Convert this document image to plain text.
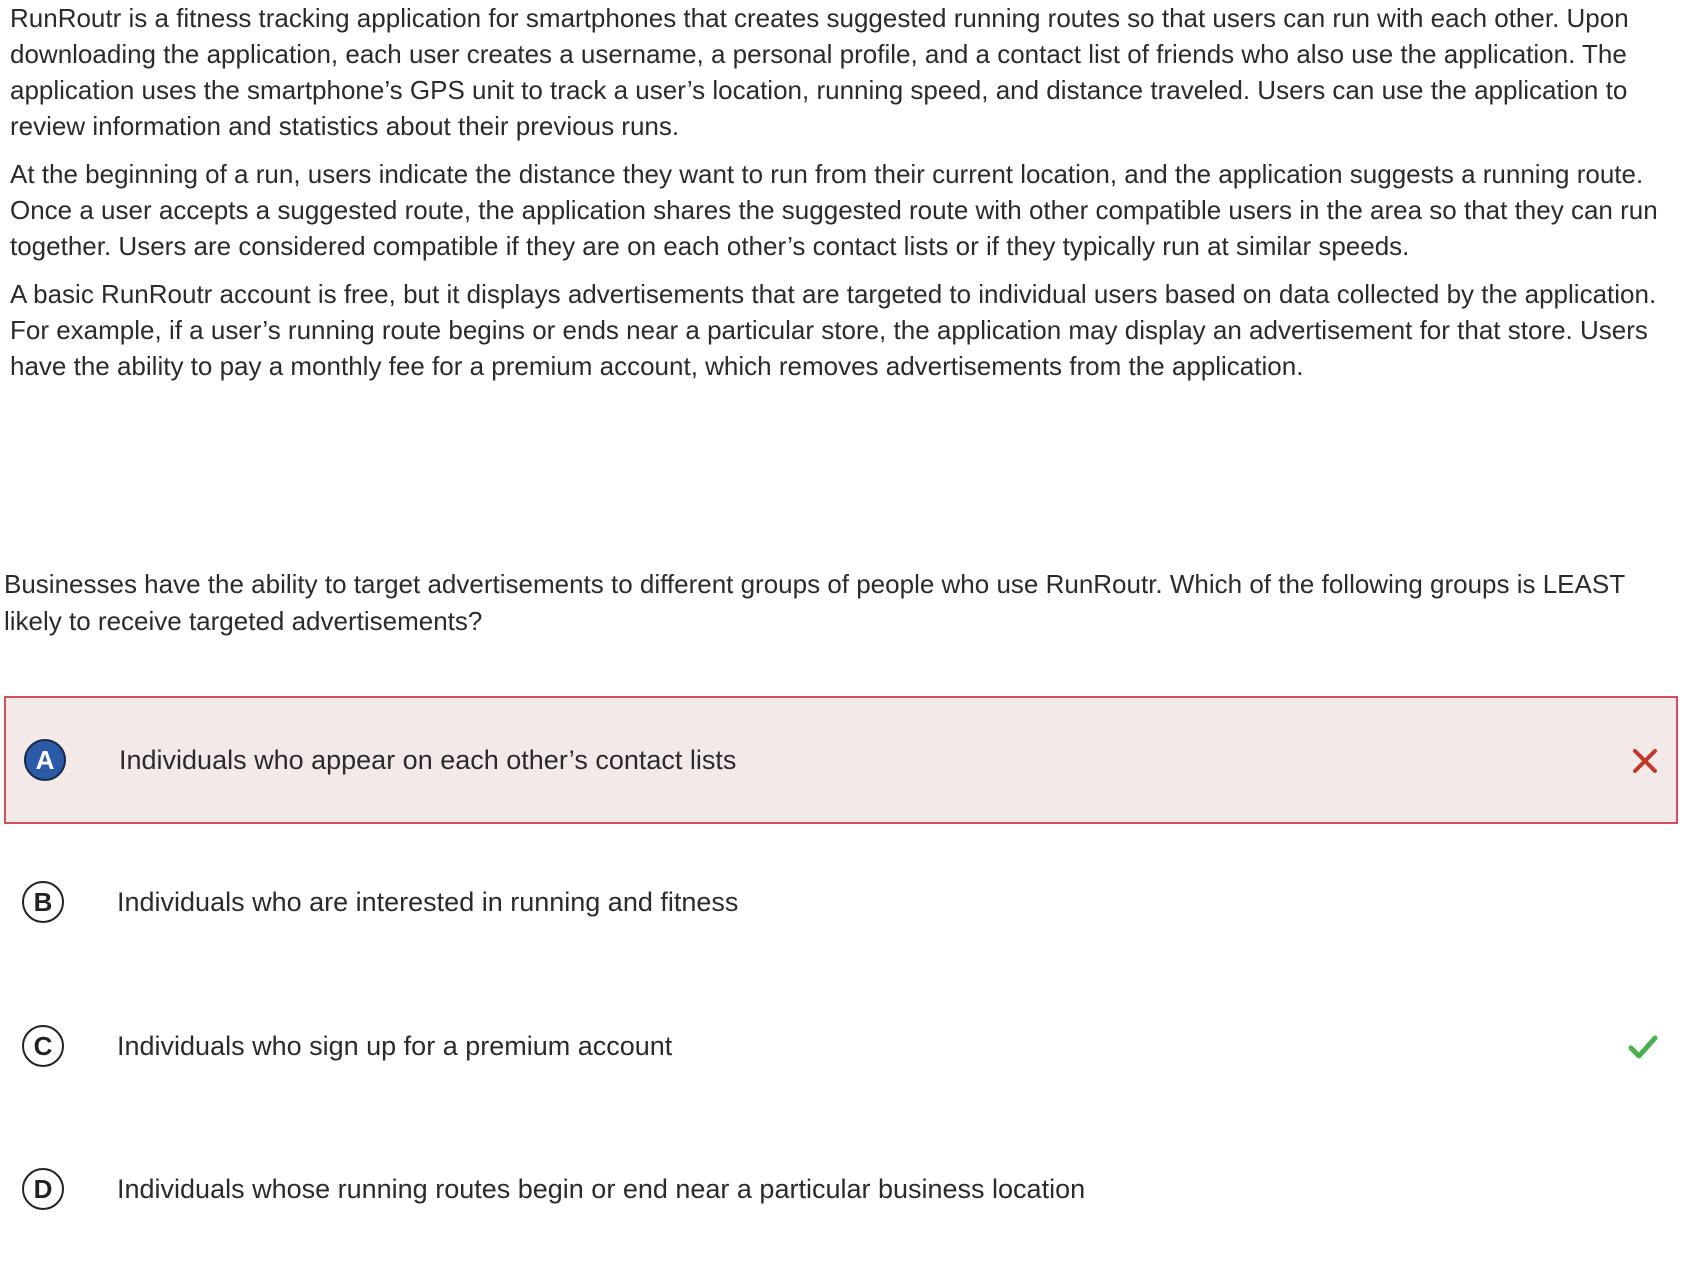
RunRoutr is a fitness tracking application for smartphones that creates suggested running routes so that users can run with each other. Upon downloading the application, each user creates a username, a personal profile, and a contact list of friends who also use the application. The application uses the smartphone’s GPS unit to track a user’s location, running speed, and distance traveled. Users can use the application to review information and statistics about their previous runs.

At the beginning of a run, users indicate the distance they want to run from their current location, and the application suggests a running route. Once a user accepts a suggested route, the application shares the suggested route with other compatible users in the area so that they can run together. Users are considered compatible if they are on each other’s contact lists or if they typically run at similar speeds.

A basic RunRoutr account is free, but it displays advertisements that are targeted to individual users based on data collected by the application. For example, if a user’s running route begins or ends near a particular store, the application may display an advertisement for that store. Users have the ability to pay a monthly fee for a premium account, which removes advertisements from the application.

Businesses have the ability to target advertisements to different groups of people who use RunRoutr. Which of the following groups is LEAST likely to receive targeted advertisements?

A	Individuals who appear on each other’s contact lists
B	Individuals who are interested in running and fitness
C	Individuals who sign up for a premium account
D	Individuals whose running routes begin or end near a particular business location
